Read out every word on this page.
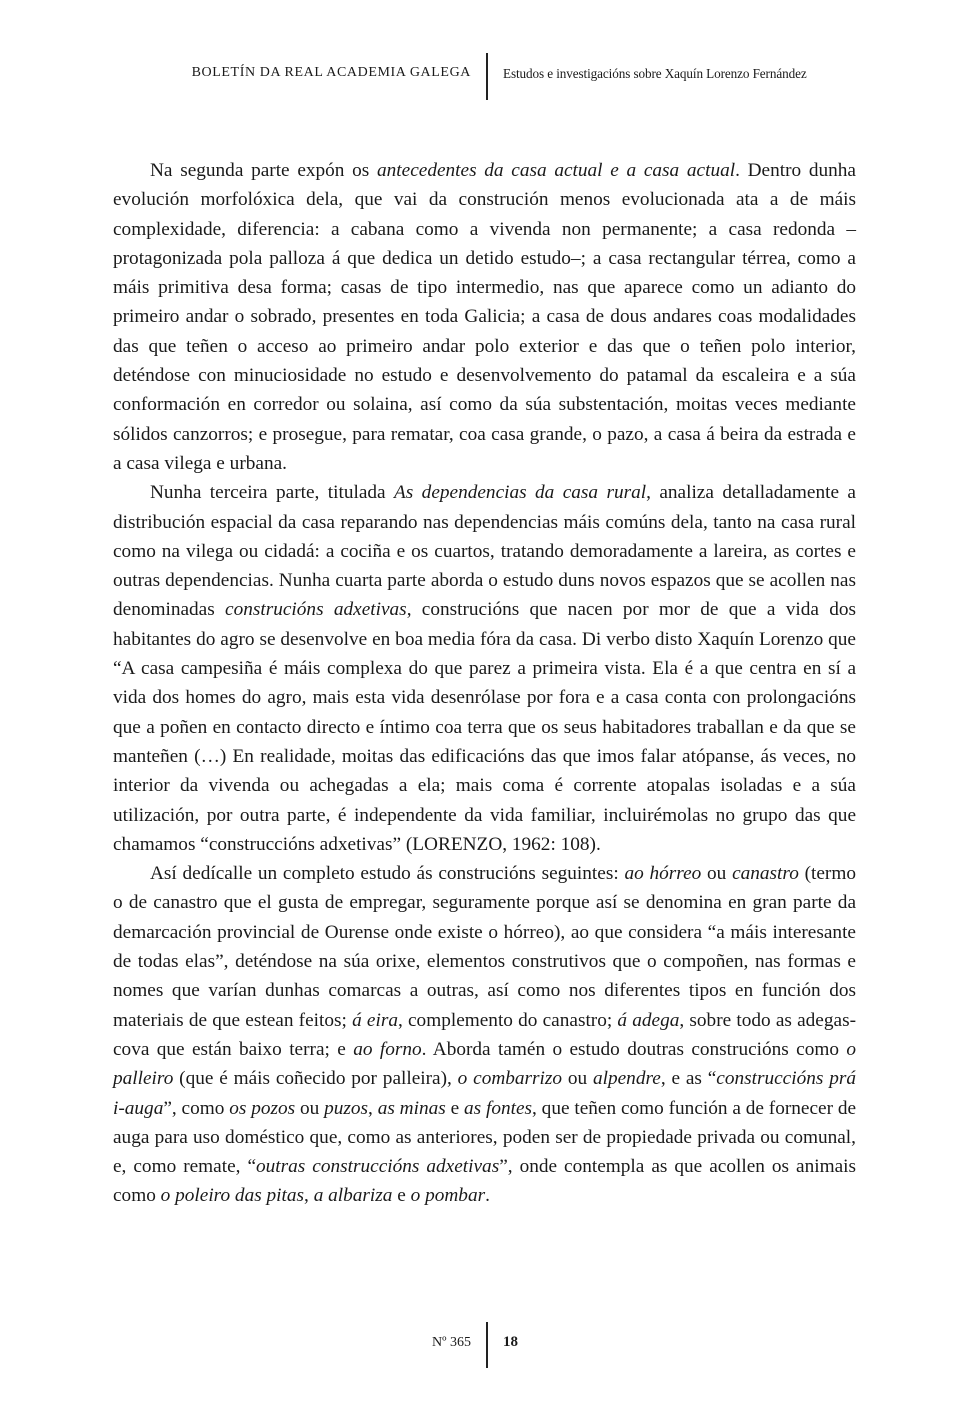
BOLETÍN DA REAL ACADEMIA GALEGA Estudos e investigacións sobre Xaquín Lorenzo Fernández

Na segunda parte expón os antecedentes da casa actual e a casa actual. Dentro dunha evolución morfolóxica dela, que vai da construción menos evolucionada ata a de máis complexidade, diferencia: a cabana como a vivenda non permanente; a casa redonda –protagonizada pola palloza á que dedica un detido estudo–; a casa rectangular térrea, como a máis primitiva desa forma; casas de tipo intermedio, nas que aparece como un adianto do primeiro andar o sobrado, presentes en toda Galicia; a casa de dous andares coas modalidades das que teñen o acceso ao primeiro andar polo exterior e das que o teñen polo interior, deténdose con minuciosidade no estudo e desenvolvemento do patamal da escaleira e a súa conformación en corredor ou solaina, así como da súa substentación, moitas veces mediante sólidos canzorros; e prosegue, para rematar, coa casa grande, o pazo, a casa á beira da estrada e a casa vilega e urbana.

Nunha terceira parte, titulada As dependencias da casa rural, analiza detalladamente a distribución espacial da casa reparando nas dependencias máis comúns dela, tanto na casa rural como na vilega ou cidadá: a cociña e os cuartos, tratando demoradamente a lareira, as cortes e outras dependencias. Nunha cuarta parte aborda o estudo duns novos espazos que se acollen nas denominadas construcións adxetivas, construcións que nacen por mor de que a vida dos habitantes do agro se desenvolve en boa media fóra da casa. Di verbo disto Xaquín Lorenzo que “A casa campesiña é máis complexa do que parez a primeira vista. Ela é a que centra en sí a vida dos homes do agro, mais esta vida desenrólase por fora e a casa conta con prolongacións que a poñen en contacto directo e íntimo coa terra que os seus habitadores traballan e da que se manteñen (…) En realidade, moitas das edificacións das que imos falar atópanse, ás veces, no interior da vivenda ou achegadas a ela; mais coma é corrente atopalas isoladas e a súa utilización, por outra parte, é independente da vida familiar, incluirémolas no grupo das que chamamos “construccións adxetivas” (LORENZO, 1962: 108).

Así dedícalle un completo estudo ás construcións seguintes: ao hórreo ou canastro (termo o de canastro que el gusta de empregar, seguramente porque así se denomina en gran parte da demarcación provincial de Ourense onde existe o hórreo), ao que considera “a máis interesante de todas elas”, deténdose na súa orixe, elementos construtivos que o compoñen, nas formas e nomes que varían dunhas comarcas a outras, así como nos diferentes tipos en función dos materiais de que estean feitos; á eira, complemento do canastro; á adega, sobre todo as adegas-cova que están baixo terra; e ao forno. Aborda tamén o estudo doutras construcións como o palleiro (que é máis coñecido por palleira), o combarrizo ou alpendre, e as “construccións prá i-auga”, como os pozos ou puzos, as minas e as fontes, que teñen como función a de fornecer de auga para uso doméstico que, como as anteriores, poden ser de propiedade privada ou comunal, e, como remate, “outras construccións adxetivas”, onde contempla as que acollen os animais como o poleiro das pitas, a albariza e o pombar.

Nº 365 18
